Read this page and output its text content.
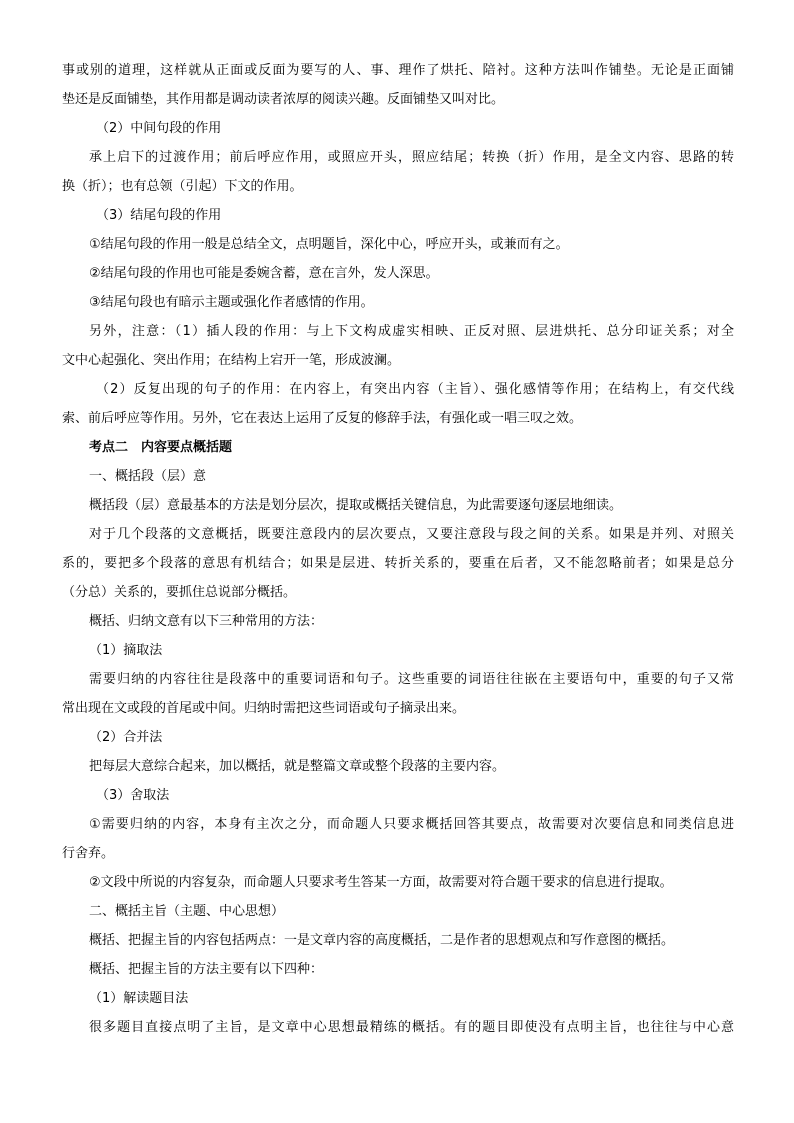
事或别的道理，这样就从正面或反面为要写的人、事、理作了烘托、陪衬。这种方法叫作铺垫。无论是正面铺
垫还是反面铺垫，其作用都是调动读者浓厚的阅读兴趣。反面铺垫又叫对比。
（2）中间句段的作用
承上启下的过渡作用；前后呼应作用，或照应开头，照应结尾；转换（折）作用，是全文内容、思路的转
换（折）；也有总领（引起）下文的作用。
（3）结尾句段的作用
①结尾句段的作用一般是总结全文，点明题旨，深化中心，呼应开头，或兼而有之。
②结尾句段的作用也可能是委婉含蓄，意在言外，发人深思。
③结尾句段也有暗示主题或强化作者感情的作用。
另外，注意：（1）插人段的作用：与上下文构成虚实相映、正反对照、层进烘托、总分印证关系；对全
文中心起强化、突出作用；在结构上宕开一笔，形成波澜。
（2）反复出现的句子的作用：在内容上，有突出内容（主旨）、强化感情等作用；在结构上，有交代线
索、前后呼应等作用。另外，它在表达上运用了反复的修辞手法，有强化或一唱三叹之效。
考点二　内容要点概括题
一、概括段（层）意
概括段（层）意最基本的方法是划分层次，提取或概括关键信息，为此需要逐句逐层地细读。
对于几个段落的文意概括，既要注意段内的层次要点，又要注意段与段之间的关系。如果是并列、对照关
系的，要把多个段落的意思有机结合；如果是层进、转折关系的，要重在后者，又不能忽略前者；如果是总分
（分总）关系的，要抓住总说部分概括。
概括、归纳文意有以下三种常用的方法：
（1）摘取法
需要归纳的内容往往是段落中的重要词语和句子。这些重要的词语往往嵌在主要语句中，重要的句子又常
常出现在文或段的首尾或中间。归纳时需把这些词语或句子摘录出来。
（2）合并法
把每层大意综合起来，加以概括，就是整篇文章或整个段落的主要内容。
（3）舍取法
①需要归纳的内容，本身有主次之分，而命题人只要求概括回答其要点，故需要对次要信息和同类信息进
行舍弃。
②文段中所说的内容复杂，而命题人只要求考生答某一方面，故需要对符合题干要求的信息进行提取。
二、概括主旨（主题、中心思想）
概括、把握主旨的内容包括两点：一是文章内容的高度概括，二是作者的思想观点和写作意图的概括。
概括、把握主旨的方法主要有以下四种：
（1）解读题目法
很多题目直接点明了主旨，是文章中心思想最精练的概括。有的题目即使没有点明主旨，也往往与中心意
